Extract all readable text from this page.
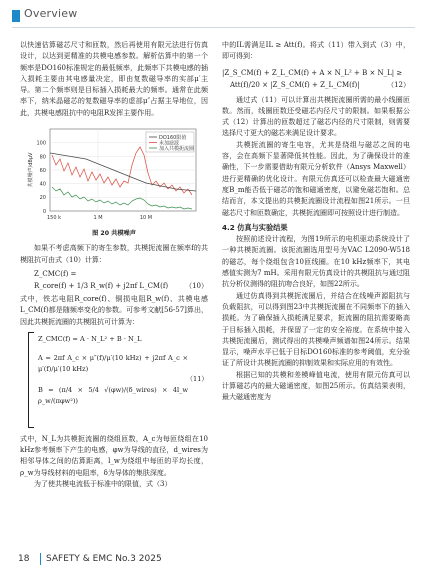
Overview

以快速估算磁芯尺寸和匝数，然后再使用有限元法进行仿真设计，以达到更精准的共模电感参数。解析估算中的第一个频率是DO160标准规定的最低频率，此频率下共模电感的插入损耗主要由其电感量决定，即由复数磁导率的实部μ′主导。第二个频率则是目标插入损耗最大的频率。通常在此频率下，纳米晶磁芯的复数磁导率的虚部μ″占据主导地位，因此，共模电感阻抗中的电阻R发挥主要作用。

DO160限值
未加滤波
加入共模扼流圈
0
20
40
60
80
100
150 k	1 M	10 M
共模噪声/dBμV
图 20 共模噪声

如果不考虑高频下的寄生参数，共模扼流圈在频率f的共模阻抗可由式（10）计算：

Z_CMC(f) =
R_core(f) + 1/3 R_w(f) + j2πf L_CM(f)	（10）

式中，铁芯电阻R_core(f)、铜损电阻R_w(f)、共模电感L_CM(f)都是随频率变化的参数。可参考文献[56-57]算出，因此共模扼流圈的共模阻抗可计算为：

Z_CMC(f) = A · N_L² + B · N_L
A = 2πf A_c × μ″(f)/μ′(10 kHz) + j2πf A_c × μ′(f)/μ′(10 kHz)
B = (π/4 × 5/4 √(φw)/(δ_wires) × 4l_w ρ_w/(πφw²))
（11）

式中，N_L为共模扼流圈的绕组匝数，A_c为每匝绕组在10 kHz参考频率下产生的电感，φw为导线的直径，d_wires为相邻导体之间的估算距离，l_w为绕组中每匝的平均长度，ρ_w为导线材料的电阻率，δ为导体的集肤深度。

为了使共模电流低于标准中的限值，式（3）

中的IL需满足IL ≥ Att(f)。将式（11）带入到式（3）中，即可得到：

|Z_S_CM(f) + Z_L_CM(f) + A × N_L² + B × N_L| ≥
Att(f)/20 × |Z_S_CM(f) + Z_L_CM(f)|	（12）

通过式（11）可以计算出共模扼流圈所需的最小线圈匝数。然而，线圈匝数还受磁芯内径尺寸的限制。如果根据公式（12）计算出的匝数超过了磁芯内径的尺寸限制，则需要选择尺寸更大的磁芯来满足设计要求。

共模扼流圈的寄生电容，尤其是绕组与磁芯之间的电容，会在高频下显著降低其性能。因此，为了确保设计的准确性，下一步需要借助有限元分析软件（Ansys Maxwell）进行更精确的优化设计。有限元仿真还可以检查最大磁通密度B_m能否低于磁芯的饱和磁通密度，以避免磁芯饱和。总结而言，本文提出的共模扼流圈设计流程如图21所示。一旦磁芯尺寸和匝数确定，共模扼流圈即可按照设计进行制造。

4.2 仿真与实验结果

按照前述设计流程，为图19所示的电机驱动系统设计了一种共模扼流圈。该扼流圈选用型号为VAC L2090-W518的磁芯，每个绕组包含10匝线圈。在10 kHz频率下，其电感值实测为7 mH。采用有限元仿真设计的共模阻抗与通过阻抗分析仪测得的阻抗吻合良好，如图22所示。

通过仿真得到共模扼流圈后，并结合在线噪声源阻抗与负载阻抗，可以得到图23中共模扼流圈在不同频率下的插入损耗。为了确保插入损耗满足要求，扼流圈的阻抗需要略高于目标插入损耗，并保留了一定的安全裕度。在系统中接入共模扼流圈后，测试得出的共模噪声频谱如图24所示。结果显示，噪声水平已低于目标DO160标准的参考阈值，充分验证了所设计共模扼流圈的抑制效果和实际应用的有效性。

根据已知的共模和差模峰值电流，使用有限元仿真可以计算磁芯内的最大磁通密度，如图25所示。仿真结果表明，最大磁通密度为

18 SAFETY & EMC No.3 2025
